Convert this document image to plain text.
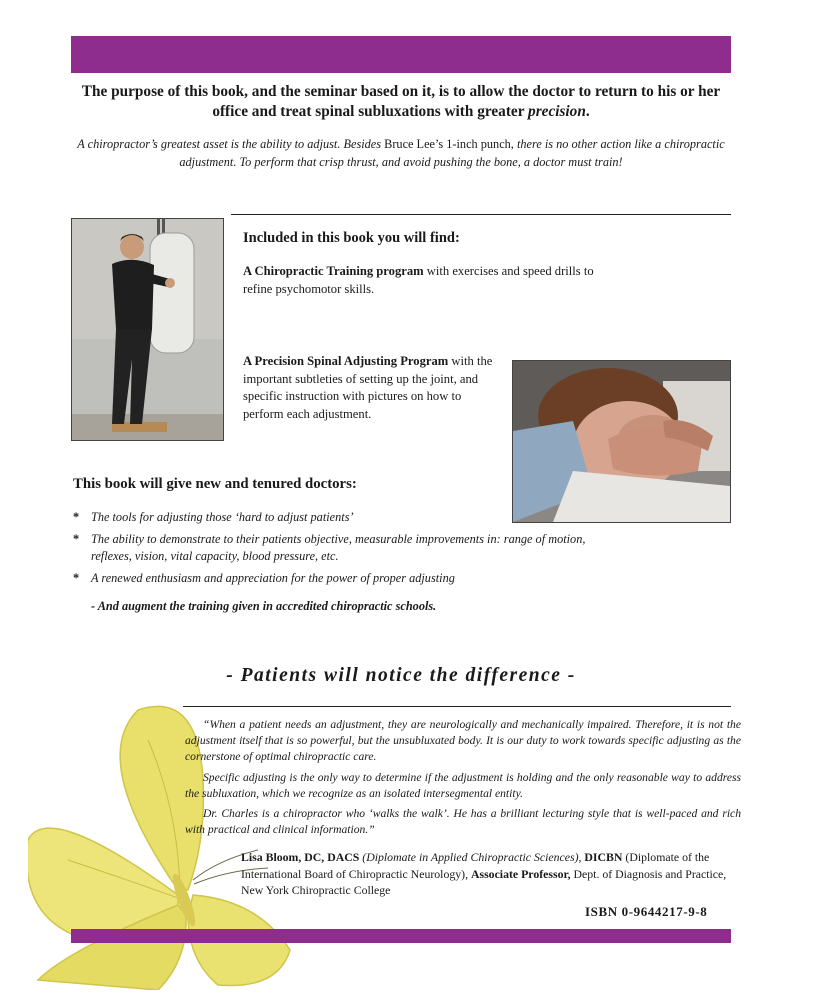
The purpose of this book, and the seminar based on it, is to allow the doctor to return to his or her office and treat spinal subluxations with greater precision.
A chiropractor’s greatest asset is the ability to adjust. Besides Bruce Lee’s 1-inch punch, there is no other action like a chiropractic adjustment. To perform that crisp thrust, and avoid pushing the bone, a doctor must train!
Included in this book you will find:
A Chiropractic Training program with exercises and speed drills to refine psychomotor skills.
A Precision Spinal Adjusting Program with the important subtleties of setting up the joint, and specific instruction with pictures on how to perform each adjustment.
This book will give new and tenured doctors:
* The tools for adjusting those ‘hard to adjust patients’
* The ability to demonstrate to their patients objective, measurable improvements in: range of motion, reflexes, vision, vital capacity, blood pressure, etc.
* A renewed enthusiasm and appreciation for the power of proper adjusting
- And augment the training given in accredited chiropractic schools.
- Patients will notice the difference -

“When a patient needs an adjustment, they are neurologically and mechanically impaired. Therefore, it is not the adjustment itself that is so powerful, but the unsubluxated body. It is our duty to work towards specific adjusting as the cornerstone of optimal chiropractic care.

Specific adjusting is the only way to determine if the adjustment is holding and the only reasonable way to address the subluxation, which we recognize as an isolated intersegmental entity.

Dr. Charles is a chiropractor who ‘walks the walk’. He has a brilliant lecturing style that is well-paced and rich with practical and clinical information.”

Lisa Bloom, DC, DACS (Diplomate in Applied Chiropractic Sciences), DICBN (Diplomate of the International Board of Chiropractic Neurology), Associate Professor, Dept. of Diagnosis and Practice, New York Chiropractic College
ISBN 0-9644217-9-8
